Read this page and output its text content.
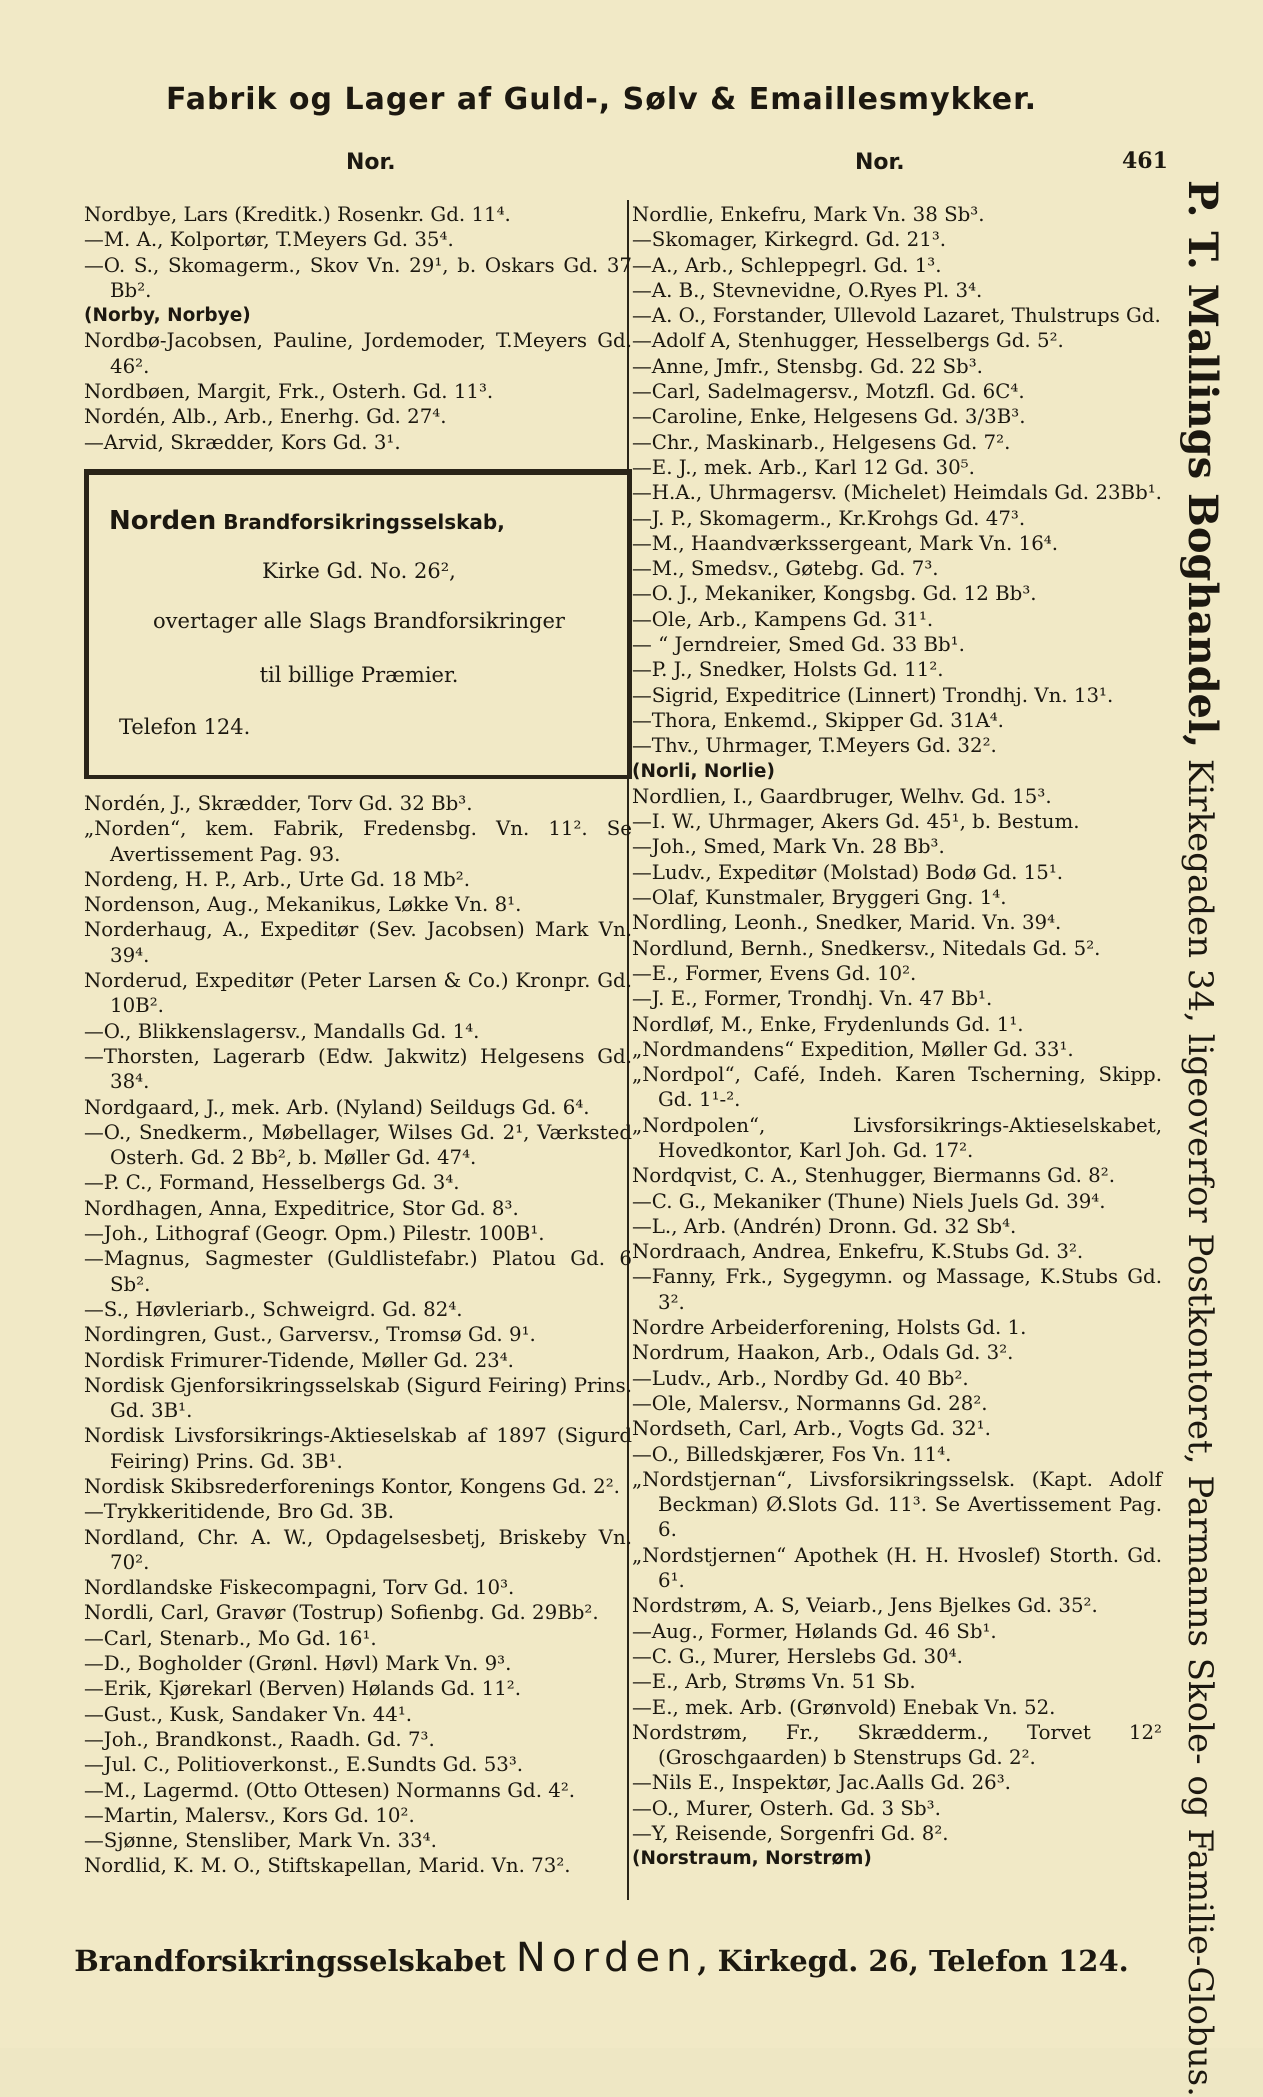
Fabrik og Lager af Guld-, Sølv & Emaillesmykker.
Nor.	Nor.	461

Nordbye, Lars (Kreditk.) Rosenkr. Gd. 11⁴.

—M. A., Kolportør, T.Meyers Gd. 35⁴.

—O. S., Skomagerm., Skov Vn. 29¹, b. Oskars Gd. 37 Bb².

(Norby, Norbye)

Nordbø-Jacobsen, Pauline, Jordemoder, T.Meyers Gd. 46².

Nordbøen, Margit, Frk., Osterh. Gd. 11³.

Nordén, Alb., Arb., Enerhg. Gd. 27⁴.

—Arvid, Skrædder, Kors Gd. 3¹.

Norden Brandforsikringsselskab,
Kirke Gd. No. 26²,
overtager alle Slags Brandforsikringer
til billige Præmier.
Telefon 124.

Nordén, J., Skrædder, Torv Gd. 32 Bb³.

„Norden“, kem. Fabrik, Fredensbg. Vn. 11². Se Avertissement Pag. 93.

Nordeng, H. P., Arb., Urte Gd. 18 Mb².

Nordenson, Aug., Mekanikus, Løkke Vn. 8¹.

Norderhaug, A., Expeditør (Sev. Jacobsen) Mark Vn. 39⁴.

Norderud, Expeditør (Peter Larsen & Co.) Kronpr. Gd. 10B².

—O., Blikkenslagersv., Mandalls Gd. 1⁴.

—Thorsten, Lagerarb (Edw. Jakwitz) Helgesens Gd. 38⁴.

Nordgaard, J., mek. Arb. (Nyland) Seildugs Gd. 6⁴.

—O., Snedkerm., Møbellager, Wilses Gd. 2¹, Værksted Osterh. Gd. 2 Bb², b. Møller Gd. 47⁴.

—P. C., Formand, Hesselbergs Gd. 3⁴.

Nordhagen, Anna, Expeditrice, Stor Gd. 8³.

—Joh., Lithograf (Geogr. Opm.) Pilestr. 100B¹.

—Magnus, Sagmester (Guldlistefabr.) Platou Gd. 6 Sb².

—S., Høvleriarb., Schweigrd. Gd. 82⁴.

Nordingren, Gust., Garversv., Tromsø Gd. 9¹.

Nordisk Frimurer-Tidende, Møller Gd. 23⁴.

Nordisk Gjenforsikringsselskab (Sigurd Feiring) Prins. Gd. 3B¹.

Nordisk Livsforsikrings-Aktieselskab af 1897 (Sigurd Feiring) Prins. Gd. 3B¹.

Nordisk Skibsrederforenings Kontor, Kongens Gd. 2².

—Trykkeritidende, Bro Gd. 3B.

Nordland, Chr. A. W., Opdagelsesbetj, Briskeby Vn. 70².

Nordlandske Fiskecompagni, Torv Gd. 10³.

Nordli, Carl, Gravør (Tostrup) Sofienbg. Gd. 29Bb².

—Carl, Stenarb., Mo Gd. 16¹.

—D., Bogholder (Grønl. Høvl) Mark Vn. 9³.

—Erik, Kjørekarl (Berven) Hølands Gd. 11².

—Gust., Kusk, Sandaker Vn. 44¹.

—Joh., Brandkonst., Raadh. Gd. 7³.

—Jul. C., Politioverkonst., E.Sundts Gd. 53³.

—M., Lagermd. (Otto Ottesen) Normanns Gd. 4².

—Martin, Malersv., Kors Gd. 10².

—Sjønne, Stensliber, Mark Vn. 33⁴.

Nordlid, K. M. O., Stiftskapellan, Marid. Vn. 73².

Nordlie, Enkefru, Mark Vn. 38 Sb³.

—Skomager, Kirkegrd. Gd. 21³.

—A., Arb., Schleppegrl. Gd. 1³.

—A. B., Stevnevidne, O.Ryes Pl. 3⁴.

—A. O., Forstander, Ullevold Lazaret, Thulstrups Gd.

—Adolf A, Stenhugger, Hesselbergs Gd. 5².

—Anne, Jmfr., Stensbg. Gd. 22 Sb³.

—Carl, Sadelmagersv., Motzfl. Gd. 6C⁴.

—Caroline, Enke, Helgesens Gd. 3/3B³.

—Chr., Maskinarb., Helgesens Gd. 7².

—E. J., mek. Arb., Karl 12 Gd. 30⁵.

—H.A., Uhrmagersv. (Michelet) Heimdals Gd. 23Bb¹.

—J. P., Skomagerm., Kr.Krohgs Gd. 47³.

—M., Haandværkssergeant, Mark Vn. 16⁴.

—M., Smedsv., Gøtebg. Gd. 7³.

—O. J., Mekaniker, Kongsbg. Gd. 12 Bb³.

—Ole, Arb., Kampens Gd. 31¹.

— “ Jerndreier, Smed Gd. 33 Bb¹.

—P. J., Snedker, Holsts Gd. 11².

—Sigrid, Expeditrice (Linnert) Trondhj. Vn. 13¹.

—Thora, Enkemd., Skipper Gd. 31A⁴.

—Thv., Uhrmager, T.Meyers Gd. 32².

(Norli, Norlie)

Nordlien, I., Gaardbruger, Welhv. Gd. 15³.

—I. W., Uhrmager, Akers Gd. 45¹, b. Bestum.

—Joh., Smed, Mark Vn. 28 Bb³.

—Ludv., Expeditør (Molstad) Bodø Gd. 15¹.

—Olaf, Kunstmaler, Bryggeri Gng. 1⁴.

Nordling, Leonh., Snedker, Marid. Vn. 39⁴.

Nordlund, Bernh., Snedkersv., Nitedals Gd. 5².

—E., Former, Evens Gd. 10².

—J. E., Former, Trondhj. Vn. 47 Bb¹.

Nordløf, M., Enke, Frydenlunds Gd. 1¹.

„Nordmandens“ Expedition, Møller Gd. 33¹.

„Nordpol“, Café, Indeh. Karen Tscherning, Skipp. Gd. 1¹-².

„Nordpolen“, Livsforsikrings-Aktieselskabet, Hovedkontor, Karl Joh. Gd. 17².

Nordqvist, C. A., Stenhugger, Biermanns Gd. 8².

—C. G., Mekaniker (Thune) Niels Juels Gd. 39⁴.

—L., Arb. (Andrén) Dronn. Gd. 32 Sb⁴.

Nordraach, Andrea, Enkefru, K.Stubs Gd. 3².

—Fanny, Frk., Sygegymn. og Massage, K.Stubs Gd. 3².

Nordre Arbeiderforening, Holsts Gd. 1.

Nordrum, Haakon, Arb., Odals Gd. 3².

—Ludv., Arb., Nordby Gd. 40 Bb².

—Ole, Malersv., Normanns Gd. 28².

Nordseth, Carl, Arb., Vogts Gd. 32¹.

—O., Billedskjærer, Fos Vn. 11⁴.

„Nordstjernan“, Livsforsikringsselsk. (Kapt. Adolf Beckman) Ø.Slots Gd. 11³. Se Avertissement Pag. 6.

„Nordstjernen“ Apothek (H. H. Hvoslef) Storth. Gd. 6¹.

Nordstrøm, A. S, Veiarb., Jens Bjelkes Gd. 35².

—Aug., Former, Hølands Gd. 46 Sb¹.

—C. G., Murer, Herslebs Gd. 30⁴.

—E., Arb, Strøms Vn. 51 Sb.

—E., mek. Arb. (Grønvold) Enebak Vn. 52.

Nordstrøm, Fr., Skrædderm., Torvet 12² (Groschgaarden) b Stenstrups Gd. 2².

—Nils E., Inspektør, Jac.Aalls Gd. 26³.

—O., Murer, Osterh. Gd. 3 Sb³.

—Y, Reisende, Sorgenfri Gd. 8².

(Norstraum, Norstrøm)

P. T. Mallings Boghandel, Kirkegaden 34, ligeoverfor Postkontoret, Parmanns Skole- og Familie-Globus.
Brandforsikringsselskabet Norden, Kirkegd. 26, Telefon 124.
